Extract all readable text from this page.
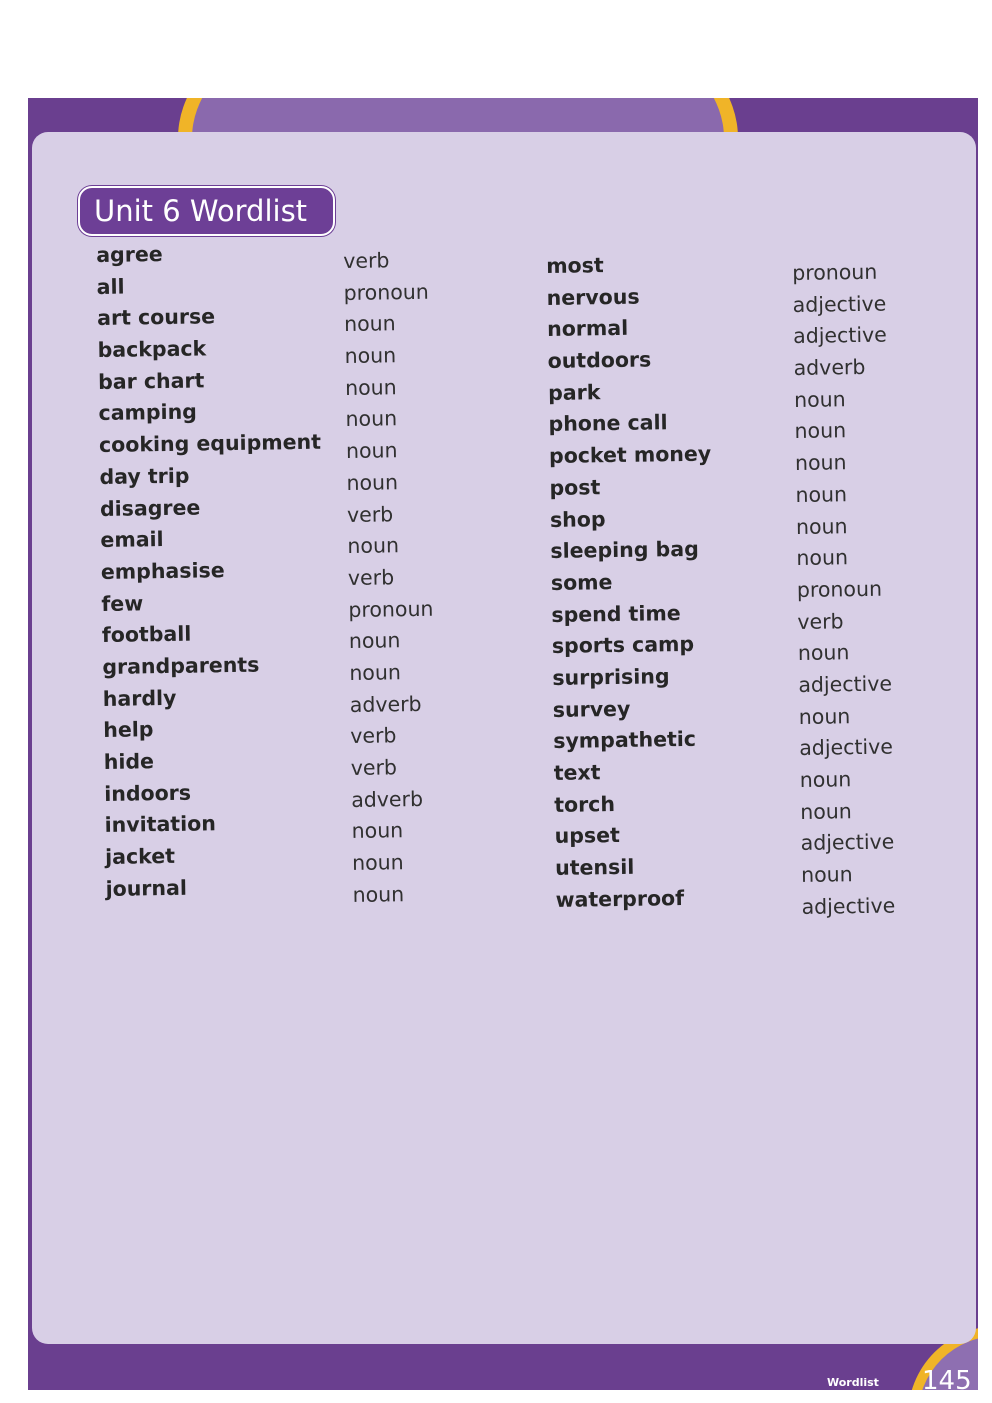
Unit 6 Wordlist
agree
all
art course
backpack
bar chart
camping
cooking equipment
day trip
disagree
email
emphasise
few
football
grandparents
hardly
help
hide
indoors
invitation
jacket
journal
verb
pronoun
noun
noun
noun
noun
noun
noun
verb
noun
verb
pronoun
noun
noun
adverb
verb
verb
adverb
noun
noun
noun
most
nervous
normal
outdoors
park
phone call
pocket money
post
shop
sleeping bag
some
spend time
sports camp
surprising
survey
sympathetic
text
torch
upset
utensil
waterproof
pronoun
adjective
adjective
adverb
noun
noun
noun
noun
noun
noun
pronoun
verb
noun
adjective
noun
adjective
noun
noun
adjective
noun
adjective
Wordlist 145
